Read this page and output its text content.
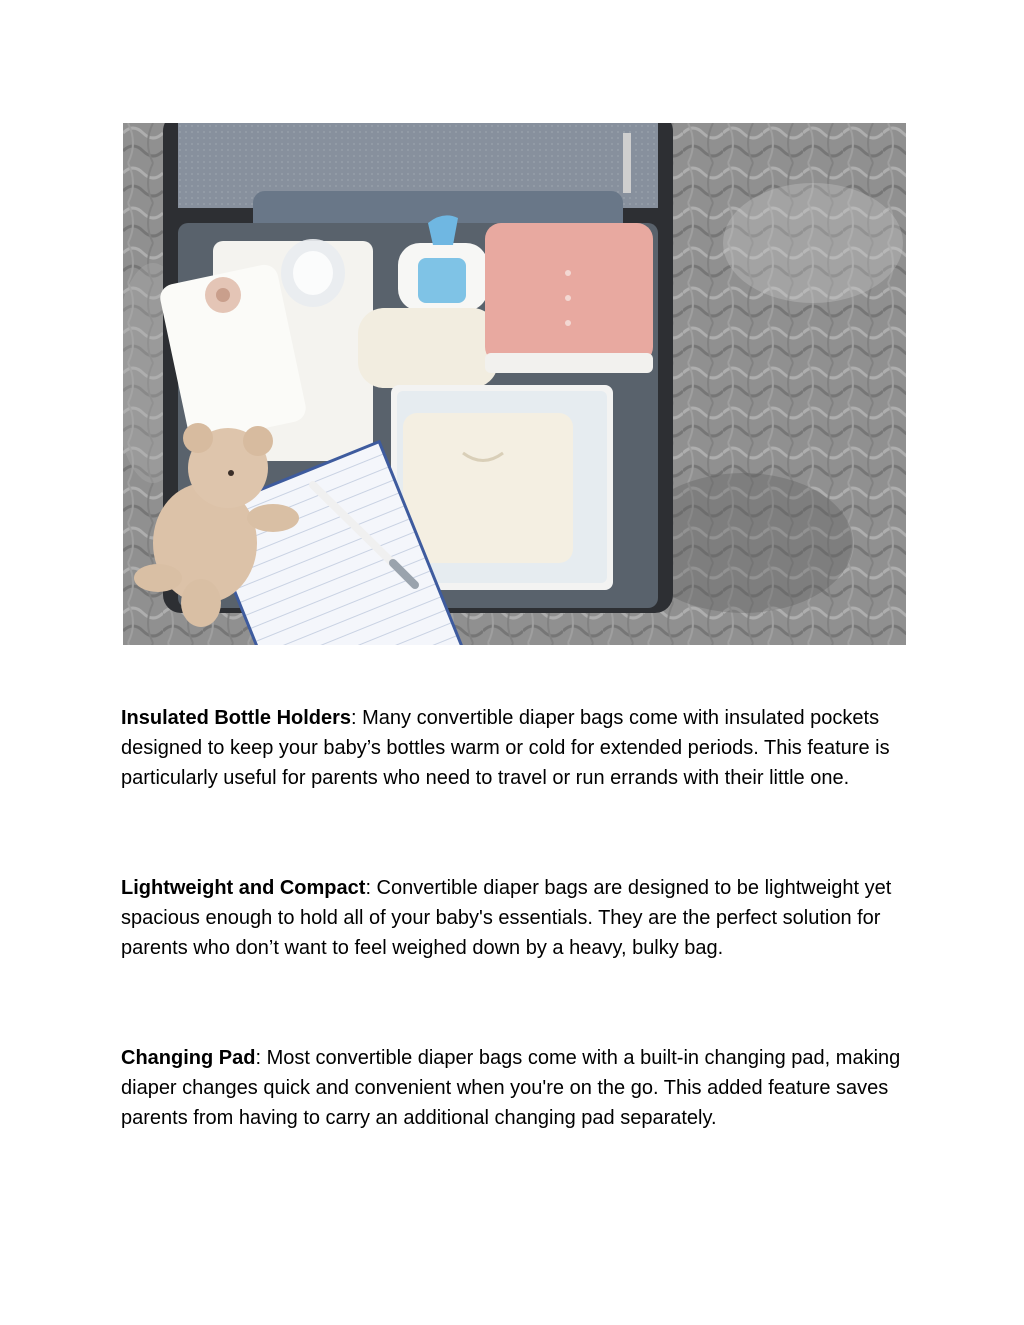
Insulated Bottle Holders: Many convertible diaper bags come with insulated pockets designed to keep your baby’s bottles warm or cold for extended periods. This feature is particularly useful for parents who need to travel or run errands with their little one.

Lightweight and Compact: Convertible diaper bags are designed to be lightweight yet spacious enough to hold all of your baby's essentials. They are the perfect solution for parents who don’t want to feel weighed down by a heavy, bulky bag.

Changing Pad: Most convertible diaper bags come with a built-in changing pad, making diaper changes quick and convenient when you're on the go. This added feature saves parents from having to carry an additional changing pad separately.
